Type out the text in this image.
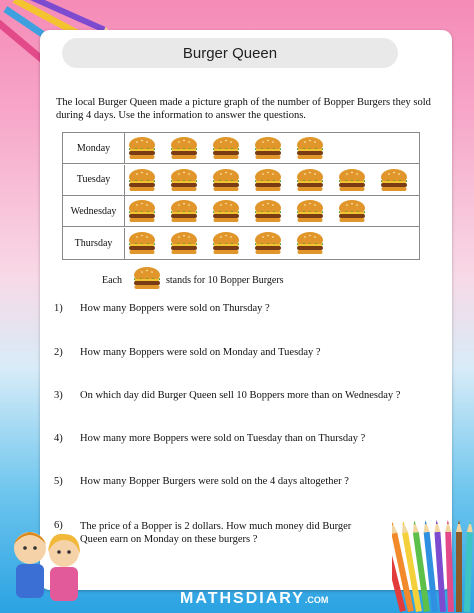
Burger Queen
The local Burger Queen made a picture graph of the number of Bopper Burgers they sold during 4 days. Use the information to answer the questions.
Monday
Tuesday
Wednesday
Thursday
Each	stands for 10 Bopper Burgers
1) How many Boppers were sold on Thursday ?
2) How many Boppers were sold on Monday and Tuesday ?
3) On which day did Burger Queen sell 10 Boppers more than on Wednesday ?
4) How many more Boppers were sold on Tuesday than on Thursday ?
5) How many Bopper Burgers were sold on the 4 days altogether ?
6) The price of a Bopper is 2 dollars. How much money did Burger Queen earn on Monday on these burgers ?
MATHSDIARY.COM
